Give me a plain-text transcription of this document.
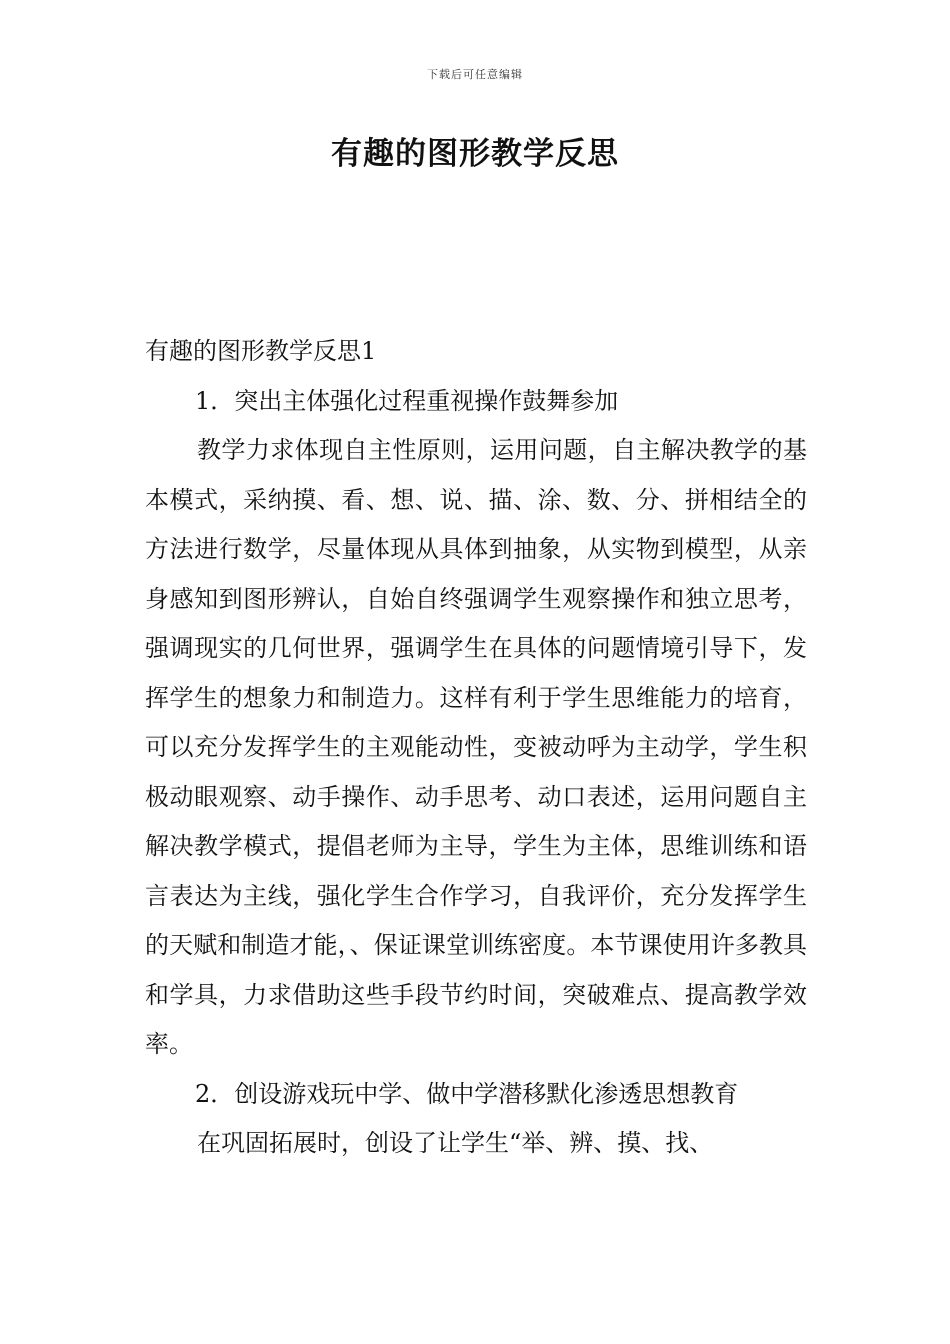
下载后可任意编辑
有趣的图形教学反思

有趣的图形教学反思1

1．突出主体强化过程重视操作鼓舞参加

教学力求体现自主性原则，运用问题，自主解决教学的基本模式，采纳摸、看、想、说、描、涂、数、分、拼相结全的方法进行数学，尽量体现从具体到抽象，从实物到模型，从亲身感知到图形辨认，自始自终强调学生观察操作和独立思考，强调现实的几何世界，强调学生在具体的问题情境引导下，发挥学生的想象力和制造力。这样有利于学生思维能力的培育，可以充分发挥学生的主观能动性，变被动呼为主动学，学生积极动眼观察、动手操作、动手思考、动口表述，运用问题自主解决教学模式，提倡老师为主导，学生为主体，思维训练和语言表达为主线，强化学生合作学习，自我评价，充分发挥学生的天赋和制造才能，、保证课堂训练密度。本节课使用许多教具和学具，力求借助这些手段节约时间，突破难点、提高教学效率。

2．创设游戏玩中学、做中学潜移默化渗透思想教育

在巩固拓展时，创设了让学生“举、辨、摸、找、
